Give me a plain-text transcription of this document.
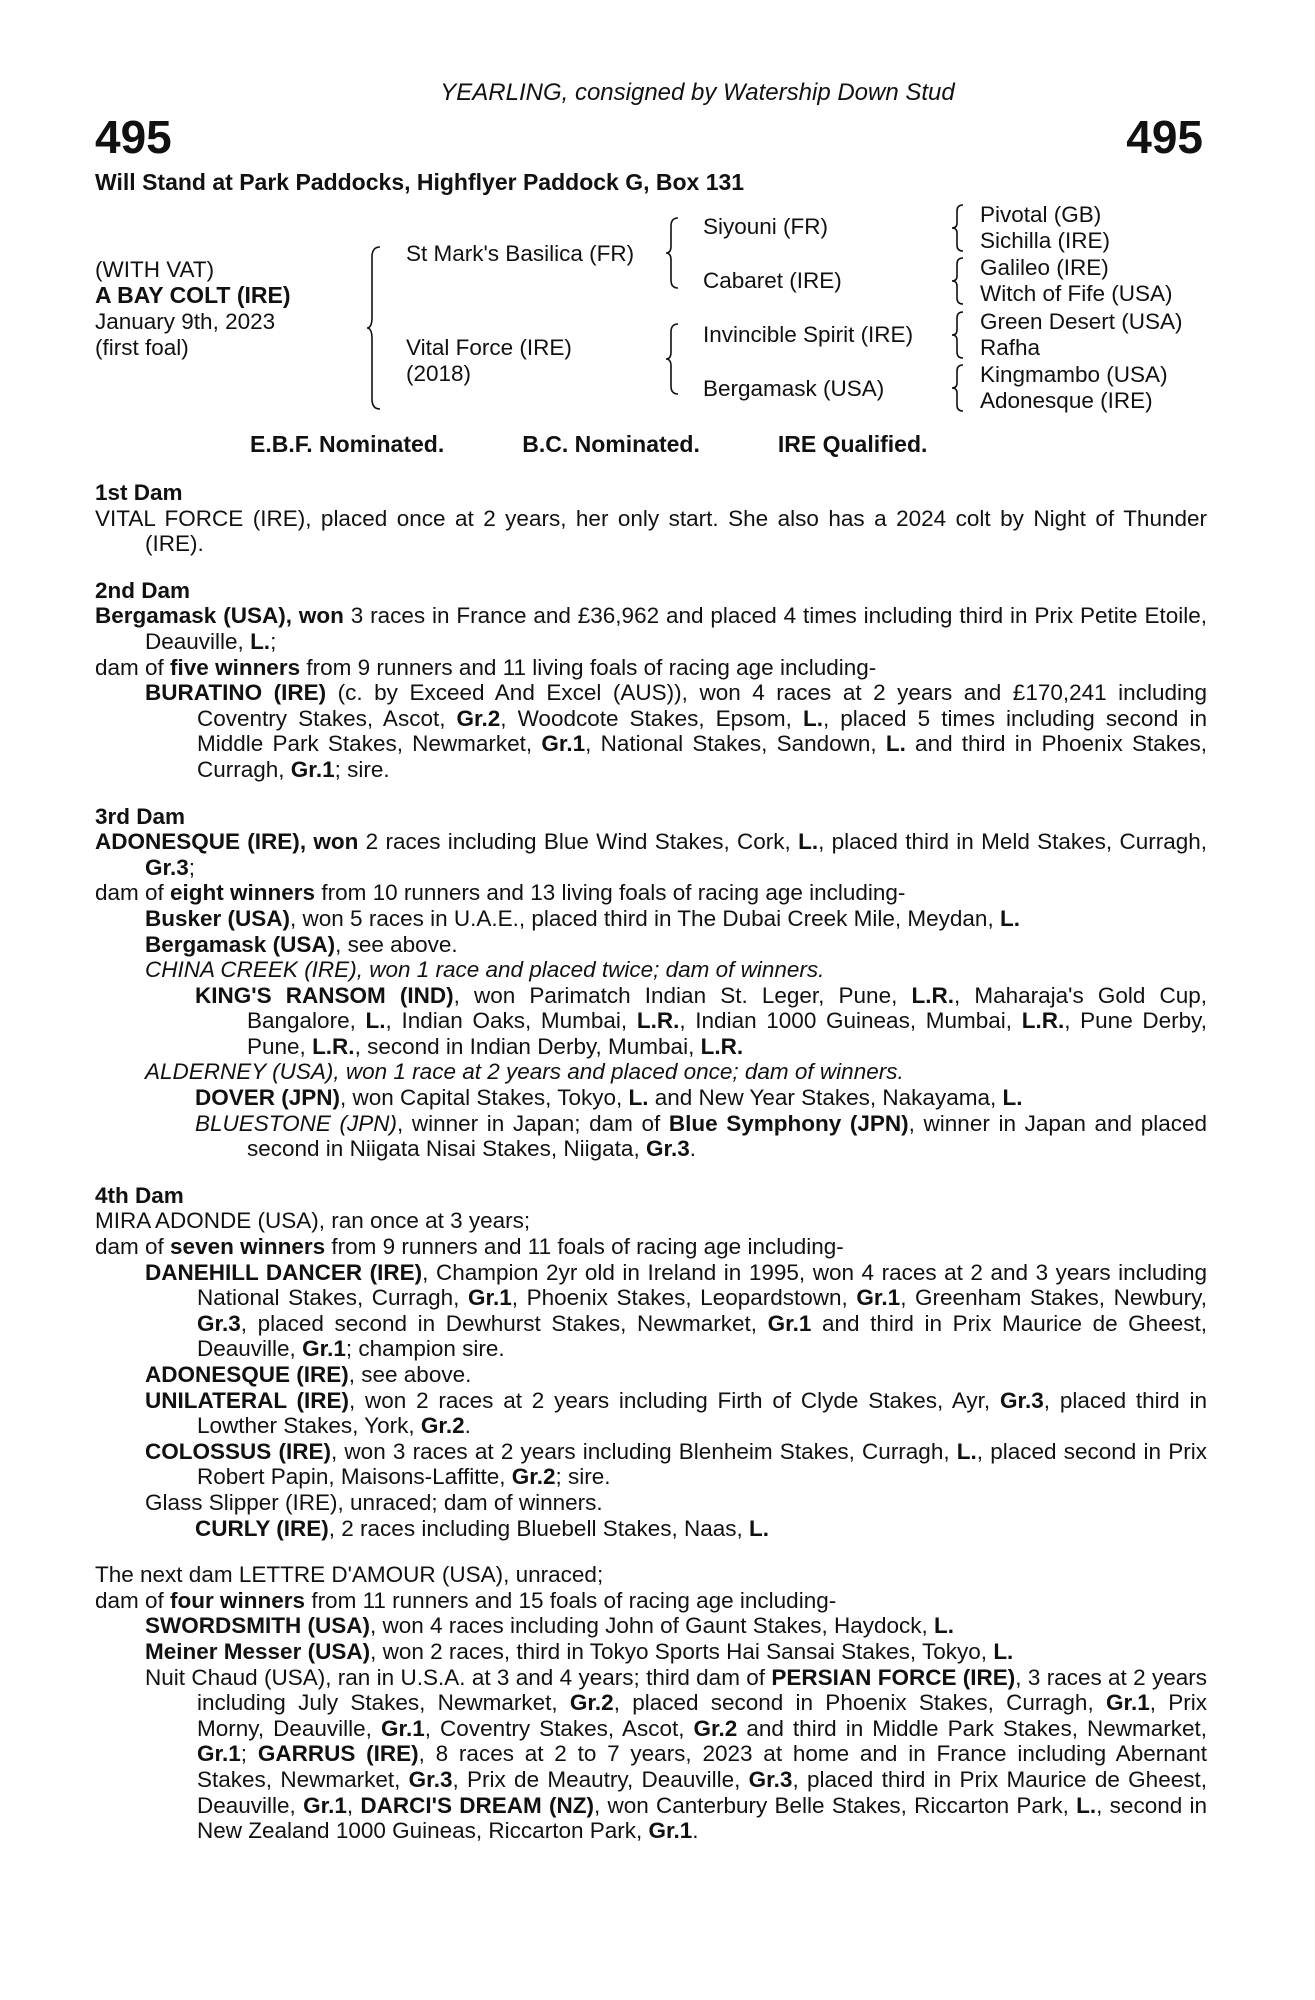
YEARLING, consigned by Watership Down Stud
495	495
Will Stand at Park Paddocks, Highflyer Paddock G, Box 131
(WITH VAT)
A BAY COLT (IRE)
January 9th, 2023
(first foal)
St Mark's Basilica (FR)
Vital Force (IRE)
(2018)
Siyouni (FR)
Cabaret (IRE)
Invincible Spirit (IRE)
Bergamask (USA)
Pivotal (GB)
Sichilla (IRE)
Galileo (IRE)
Witch of Fife (USA)
Green Desert (USA)
Rafha
Kingmambo (USA)
Adonesque (IRE)
E.B.F. Nominated.	B.C. Nominated.	IRE Qualified.
1st Dam

VITAL FORCE (IRE), placed once at 2 years, her only start. She also has a 2024 colt by Night of Thunder (IRE).

2nd Dam

Bergamask (USA), won 3 races in France and £36,962 and placed 4 times including third in Prix Petite Etoile, Deauville, L.;

dam of five winners from 9 runners and 11 living foals of racing age including-

BURATINO (IRE) (c. by Exceed And Excel (AUS)), won 4 races at 2 years and £170,241 including Coventry Stakes, Ascot, Gr.2, Woodcote Stakes, Epsom, L., placed 5 times including second in Middle Park Stakes, Newmarket, Gr.1, National Stakes, Sandown, L. and third in Phoenix Stakes, Curragh, Gr.1; sire.

3rd Dam

ADONESQUE (IRE), won 2 races including Blue Wind Stakes, Cork, L., placed third in Meld Stakes, Curragh, Gr.3;

dam of eight winners from 10 runners and 13 living foals of racing age including-

Busker (USA), won 5 races in U.A.E., placed third in The Dubai Creek Mile, Meydan, L.

Bergamask (USA), see above.

CHINA CREEK (IRE), won 1 race and placed twice; dam of winners.

KING'S RANSOM (IND), won Parimatch Indian St. Leger, Pune, L.R., Maharaja's Gold Cup, Bangalore, L., Indian Oaks, Mumbai, L.R., Indian 1000 Guineas, Mumbai, L.R., Pune Derby, Pune, L.R., second in Indian Derby, Mumbai, L.R.

ALDERNEY (USA), won 1 race at 2 years and placed once; dam of winners.

DOVER (JPN), won Capital Stakes, Tokyo, L. and New Year Stakes, Nakayama, L.

BLUESTONE (JPN), winner in Japan; dam of Blue Symphony (JPN), winner in Japan and placed second in Niigata Nisai Stakes, Niigata, Gr.3.

4th Dam

MIRA ADONDE (USA), ran once at 3 years;

dam of seven winners from 9 runners and 11 foals of racing age including-

DANEHILL DANCER (IRE), Champion 2yr old in Ireland in 1995, won 4 races at 2 and 3 years including National Stakes, Curragh, Gr.1, Phoenix Stakes, Leopardstown, Gr.1, Greenham Stakes, Newbury, Gr.3, placed second in Dewhurst Stakes, Newmarket, Gr.1 and third in Prix Maurice de Gheest, Deauville, Gr.1; champion sire.

ADONESQUE (IRE), see above.

UNILATERAL (IRE), won 2 races at 2 years including Firth of Clyde Stakes, Ayr, Gr.3, placed third in Lowther Stakes, York, Gr.2.

COLOSSUS (IRE), won 3 races at 2 years including Blenheim Stakes, Curragh, L., placed second in Prix Robert Papin, Maisons-Laffitte, Gr.2; sire.

Glass Slipper (IRE), unraced; dam of winners.

CURLY (IRE), 2 races including Bluebell Stakes, Naas, L.

The next dam LETTRE D'AMOUR (USA), unraced;

dam of four winners from 11 runners and 15 foals of racing age including-

SWORDSMITH (USA), won 4 races including John of Gaunt Stakes, Haydock, L.

Meiner Messer (USA), won 2 races, third in Tokyo Sports Hai Sansai Stakes, Tokyo, L.

Nuit Chaud (USA), ran in U.S.A. at 3 and 4 years; third dam of PERSIAN FORCE (IRE), 3 races at 2 years including July Stakes, Newmarket, Gr.2, placed second in Phoenix Stakes, Curragh, Gr.1, Prix Morny, Deauville, Gr.1, Coventry Stakes, Ascot, Gr.2 and third in Middle Park Stakes, Newmarket, Gr.1; GARRUS (IRE), 8 races at 2 to 7 years, 2023 at home and in France including Abernant Stakes, Newmarket, Gr.3, Prix de Meautry, Deauville, Gr.3, placed third in Prix Maurice de Gheest, Deauville, Gr.1, DARCI'S DREAM (NZ), won Canterbury Belle Stakes, Riccarton Park, L., second in New Zealand 1000 Guineas, Riccarton Park, Gr.1.
